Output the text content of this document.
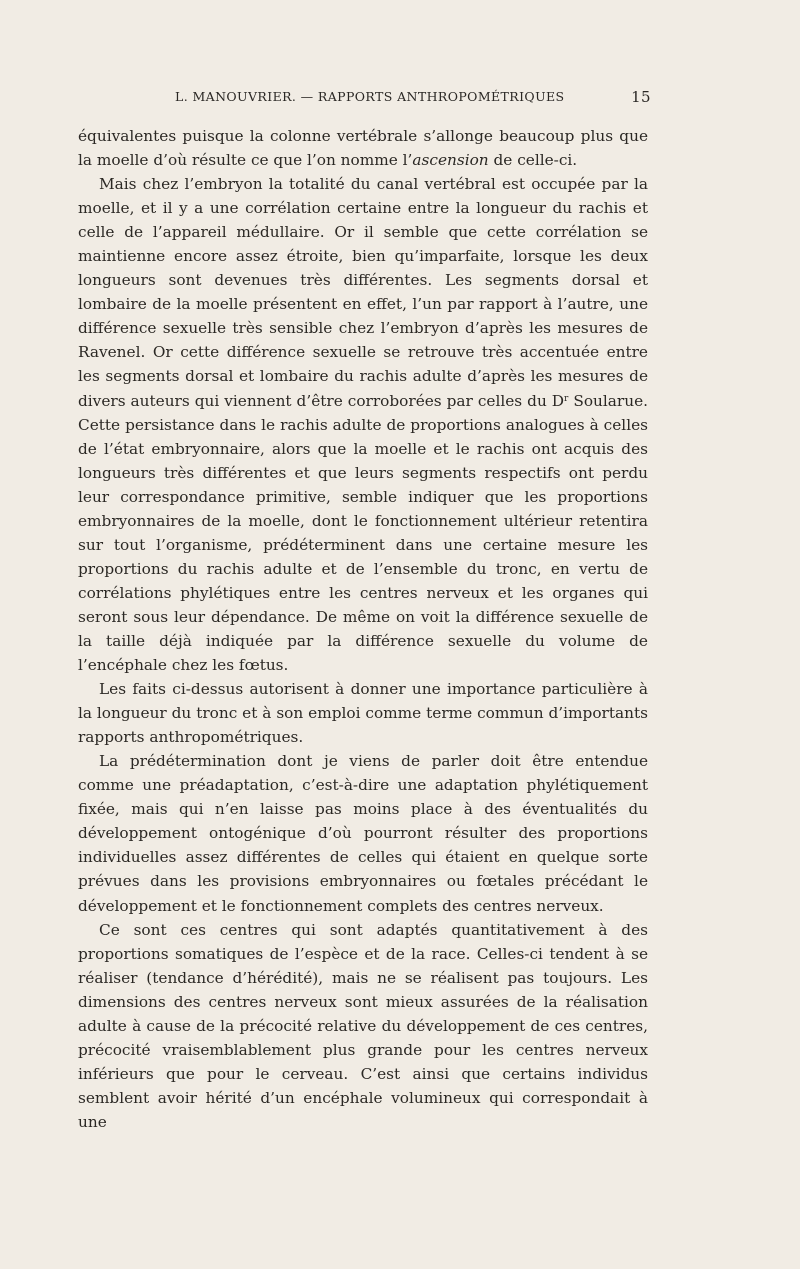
L. MANOUVRIER. — RAPPORTS ANTHROPOMÉTRIQUES	15

équivalentes puisque la colonne vertébrale s’allonge beaucoup plus que la moelle d’où résulte ce que l’on nomme l’ascension de celle-ci.

Mais chez l’embryon la totalité du canal vertébral est occupée par la moelle, et il y a une corrélation certaine entre la longueur du rachis et celle de l’appareil médullaire. Or il semble que cette corrélation se maintienne encore assez étroite, bien qu’imparfaite, lorsque les deux longueurs sont devenues très différentes. Les segments dorsal et lombaire de la moelle présentent en effet, l’un par rapport à l’autre, une différence sexuelle très sensible chez l’embryon d’après les mesures de Ravenel. Or cette différence sexuelle se retrouve très accentuée entre les segments dorsal et lombaire du rachis adulte d’après les mesures de divers auteurs qui viennent d’être corroborées par celles du $D^r$ Soularue. Cette persistance dans le rachis adulte de proportions analogues à celles de l’état embryonnaire, alors que la moelle et le rachis ont acquis des longueurs très différentes et que leurs segments respectifs ont perdu leur correspondance primitive, semble indiquer que les proportions embryonnaires de la moelle, dont le fonctionnement ultérieur retentira sur tout l’organisme, prédéterminent dans une certaine mesure les proportions du rachis adulte et de l’ensemble du tronc, en vertu de corrélations phylétiques entre les centres nerveux et les organes qui seront sous leur dépendance. De même on voit la différence sexuelle de la taille déjà indiquée par la différence sexuelle du volume de l’encéphale chez les fœtus.

Les faits ci-dessus autorisent à donner une importance particulière à la longueur du tronc et à son emploi comme terme commun d’importants rapports anthropométriques.

La prédétermination dont je viens de parler doit être entendue comme une préadaptation, c’est-à-dire une adaptation phylétiquement fixée, mais qui n’en laisse pas moins place à des éventualités du développement ontogénique d’où pourront résulter des proportions individuelles assez différentes de celles qui étaient en quelque sorte prévues dans les provisions embryonnaires ou fœtales précédant le développement et le fonctionnement complets des centres nerveux.

Ce sont ces centres qui sont adaptés quantitativement à des proportions somatiques de l’espèce et de la race. Celles-ci tendent à se réaliser (tendance d’hérédité), mais ne se réalisent pas toujours. Les dimensions des centres nerveux sont mieux assurées de la réalisation adulte à cause de la précocité relative du développement de ces centres, précocité vraisemblablement plus grande pour les centres nerveux inférieurs que pour le cerveau. C’est ainsi que certains individus semblent avoir hérité d’un encéphale volumineux qui correspondait à une
